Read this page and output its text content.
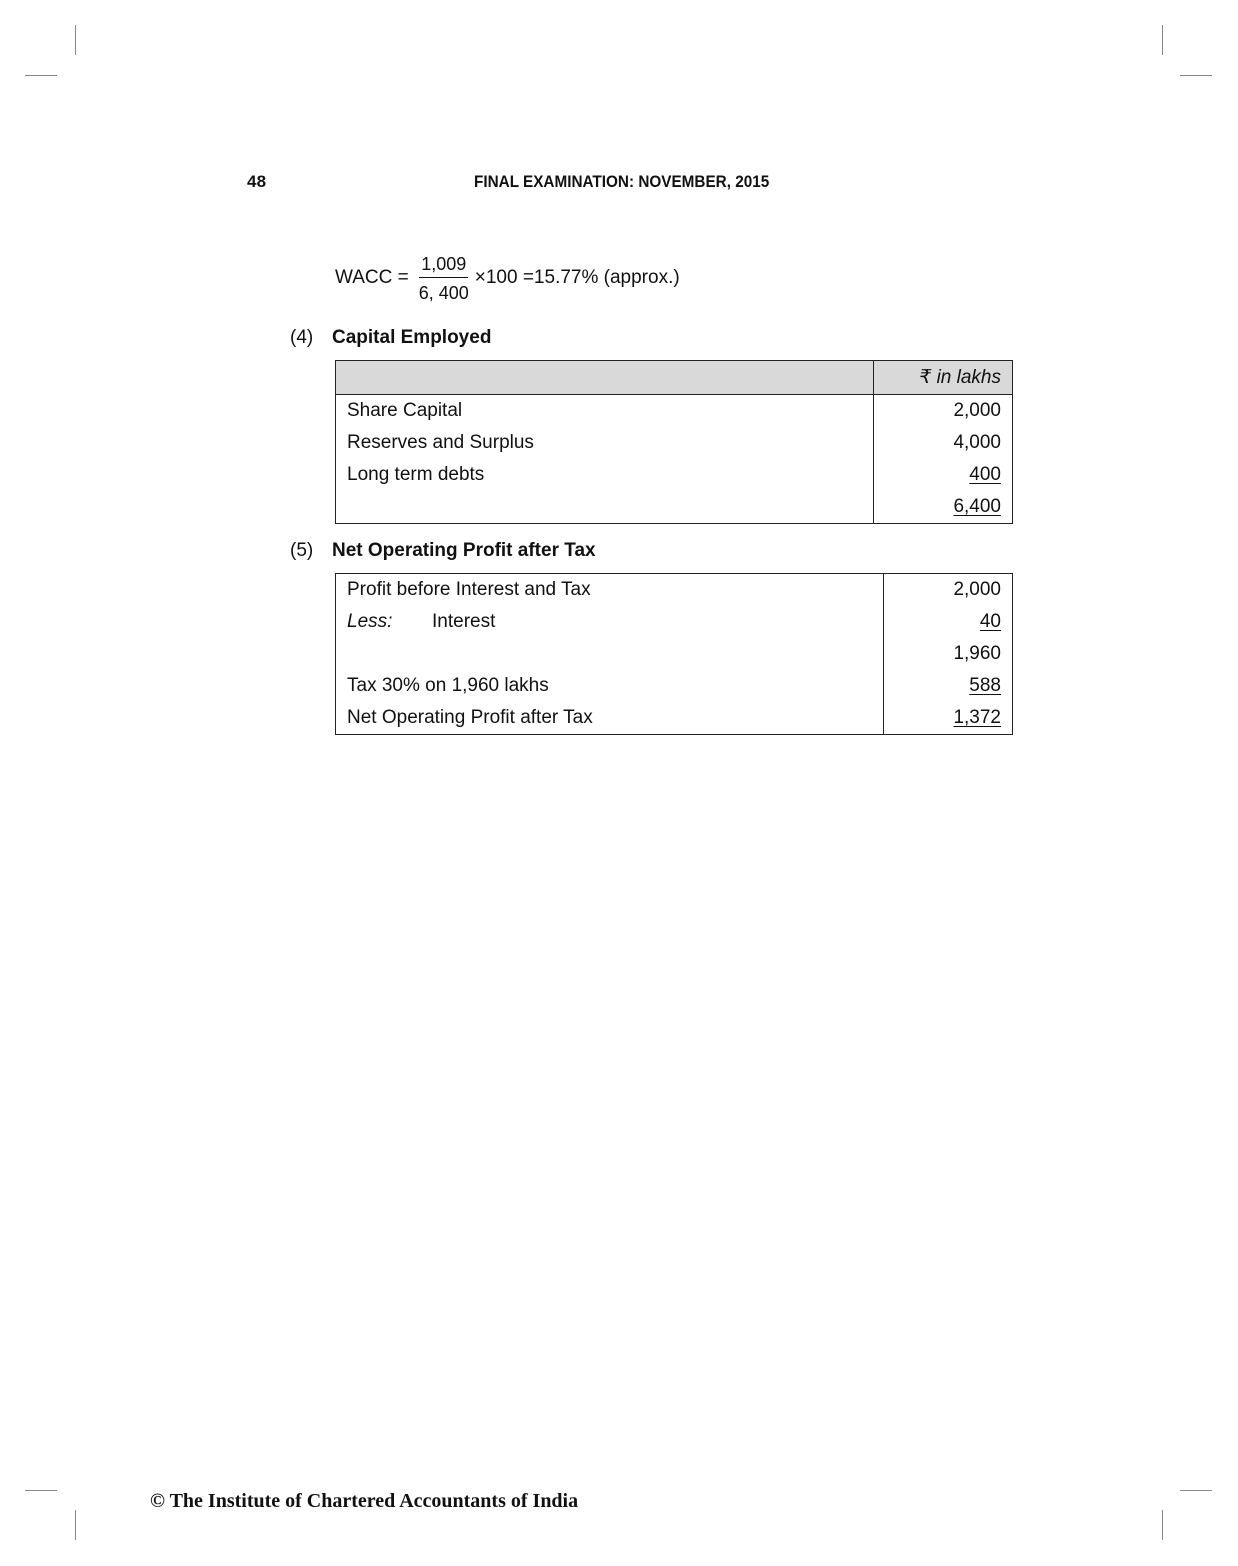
48	FINAL EXAMINATION: NOVEMBER, 2015
WACC = $\frac{1,009}{6, 400} \times 100 =15.77\%$ (approx.)
(4) Capital Employed
	₹ in lakhs
Share Capital	2,000
Reserves and Surplus	4,000
Long term debts	400
	6,400
(5) Net Operating Profit after Tax
Profit before Interest and Tax	2,000
Less: Interest	40
	1,960
Tax 30% on 1,960 lakhs	588
Net Operating Profit after Tax	1,372
© The Institute of Chartered Accountants of India
